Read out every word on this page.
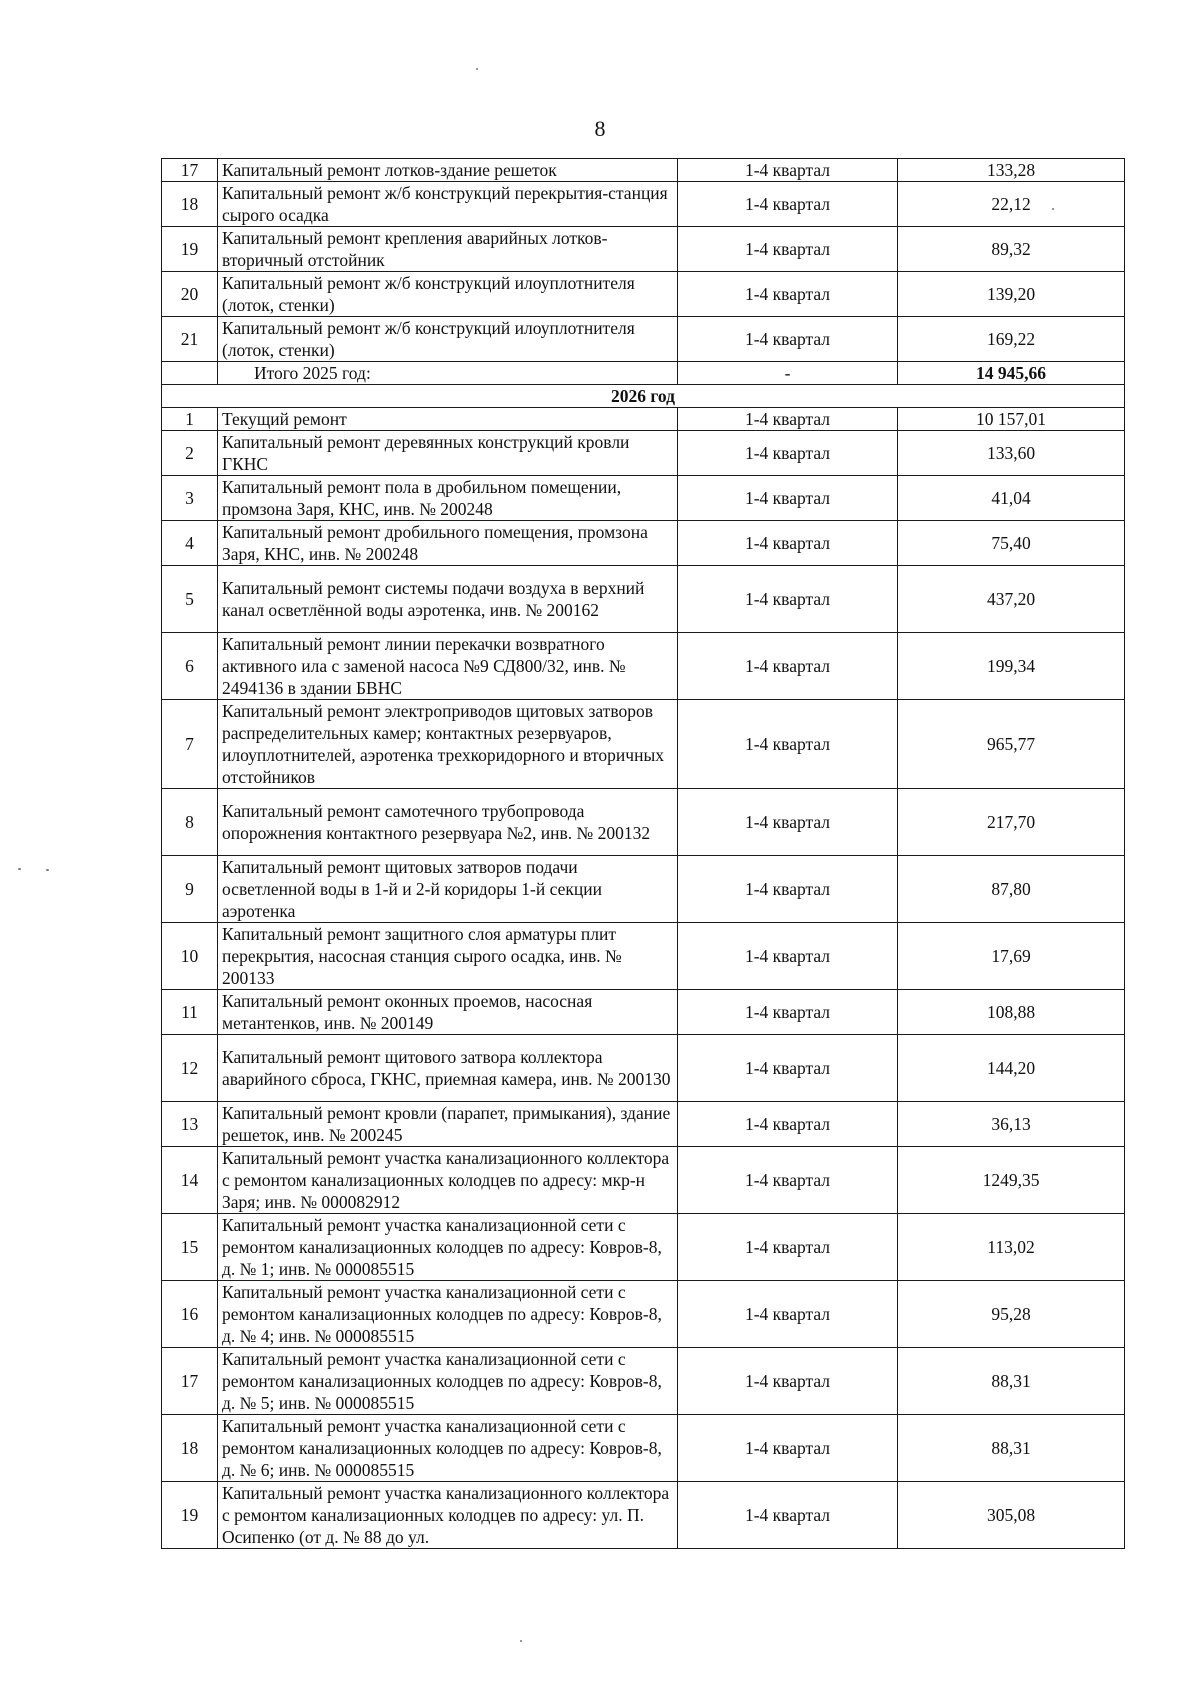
8
17	Капитальный ремонт лотков-здание решеток	1-4 квартал	133,28
18	Капитальный ремонт ж/б конструкций перекрытия-станция сырого осадка	1-4 квартал	22,12
19	Капитальный ремонт крепления аварийных лотков-вторичный отстойник	1-4 квартал	89,32
20	Капитальный ремонт ж/б конструкций илоуплотнителя (лоток, стенки)	1-4 квартал	139,20
21	Капитальный ремонт ж/б конструкций илоуплотнителя (лоток, стенки)	1-4 квартал	169,22
	Итого 2025 год:	-	14 945,66
2026 год			
1	Текущий ремонт	1-4 квартал	10 157,01
2	Капитальный ремонт деревянных конструкций кровли ГКНС	1-4 квартал	133,60
3	Капитальный ремонт пола в дробильном помещении, промзона Заря, КНС, инв. № 200248	1-4 квартал	41,04
4	Капитальный ремонт дробильного помещения, промзона Заря, КНС, инв. № 200248	1-4 квартал	75,40
5	Капитальный ремонт системы подачи воздуха в верхний канал осветлённой воды аэротенка, инв. № 200162	1-4 квартал	437,20
6	Капитальный ремонт линии перекачки возвратного активного ила с заменой насоса №9 СД800/32, инв. № 2494136 в здании БВНС	1-4 квартал	199,34
7	Капитальный ремонт электроприводов щитовых затворов распределительных камер; контактных резервуаров, илоуплотнителей, аэротенка трехкоридорного и вторичных отстойников	1-4 квартал	965,77
8	Капитальный ремонт самотечного трубопровода опорожнения контактного резервуара №2, инв. № 200132	1-4 квартал	217,70
9	Капитальный ремонт щитовых затворов подачи осветленной воды в 1-й и 2-й коридоры 1-й секции аэротенка	1-4 квартал	87,80
10	Капитальный ремонт защитного слоя арматуры плит перекрытия, насосная станция сырого осадка, инв. № 200133	1-4 квартал	17,69
11	Капитальный ремонт оконных проемов, насосная метантенков, инв. № 200149	1-4 квартал	108,88
12	Капитальный ремонт щитового затвора коллектора аварийного сброса, ГКНС, приемная камера, инв. № 200130	1-4 квартал	144,20
13	Капитальный ремонт кровли (парапет, примыкания), здание решеток, инв. № 200245	1-4 квартал	36,13
14	Капитальный ремонт участка канализационного коллектора с ремонтом канализационных колодцев по адресу: мкр-н Заря; инв. № 000082912	1-4 квартал	1249,35
15	Капитальный ремонт участка канализационной сети с ремонтом канализационных колодцев по адресу: Ковров-8, д. № 1; инв. № 000085515	1-4 квартал	113,02
16	Капитальный ремонт участка канализационной сети с ремонтом канализационных колодцев по адресу: Ковров-8, д. № 4; инв. № 000085515	1-4 квартал	95,28
17	Капитальный ремонт участка канализационной сети с ремонтом канализационных колодцев по адресу: Ковров-8, д. № 5; инв. № 000085515	1-4 квартал	88,31
18	Капитальный ремонт участка канализационной сети с ремонтом канализационных колодцев по адресу: Ковров-8, д. № 6; инв. № 000085515	1-4 квартал	88,31
19	Капитальный ремонт участка канализационного коллектора с ремонтом канализационных колодцев по адресу: ул. П. Осипенко (от д. № 88 до ул.	1-4 квартал	305,08
